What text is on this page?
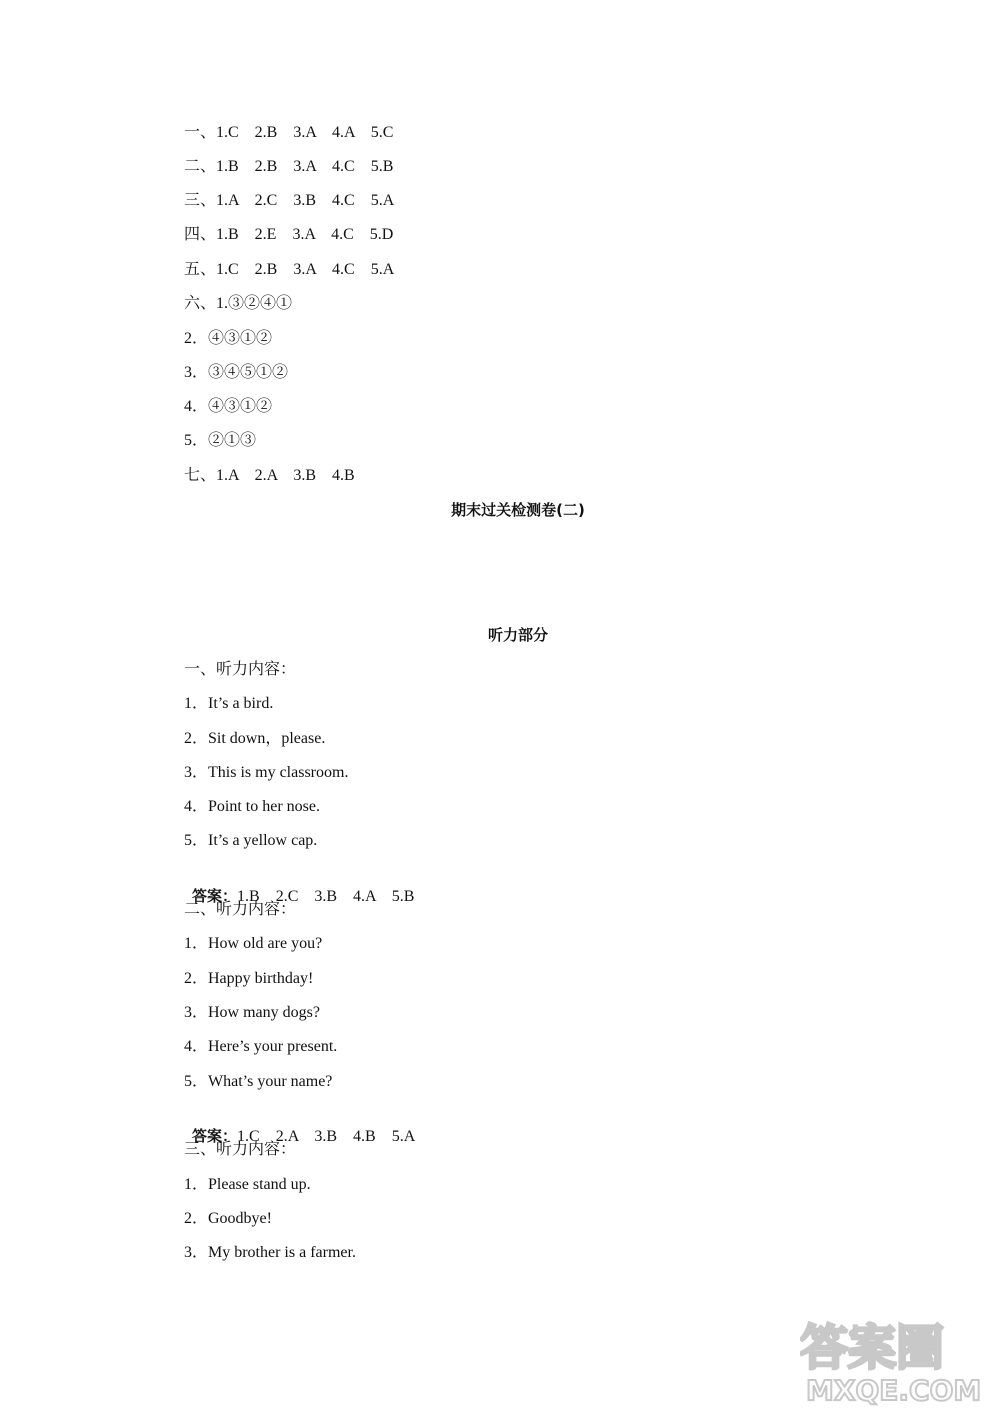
一、1.C    2.B    3.A    4.A    5.C
二、1.B    2.B    3.A    4.C    5.B
三、1.A    2.C    3.B    4.C    5.A
四、1.B    2.E    3.A    4.C    5.D
五、1.C    2.B    3.A    4.C    5.A
六、1.③②④①
2．④③①②
3．③④⑤①②
4．④③①②
5．②①③
七、1.A    2.A    3.B    4.B
期末过关检测卷(二)
听力部分
一、听力内容：
1．It’s a bird.
2．Sit down，please.
3．This is my classroom.
4．Point to her nose.
5．It’s a yellow cap.

答案：1.B    2.C    3.B    4.A    5.B

二、听力内容：
1．How old are you?
2．Happy birthday!
3．How many dogs?
4．Here’s your present.
5．What’s your name?

答案：1.C    2.A    3.B    4.B    5.A

三、听力内容：
1．Please stand up.
2．Goodbye!
3．My brother is a farmer.
答案圈
MXQE.COM
